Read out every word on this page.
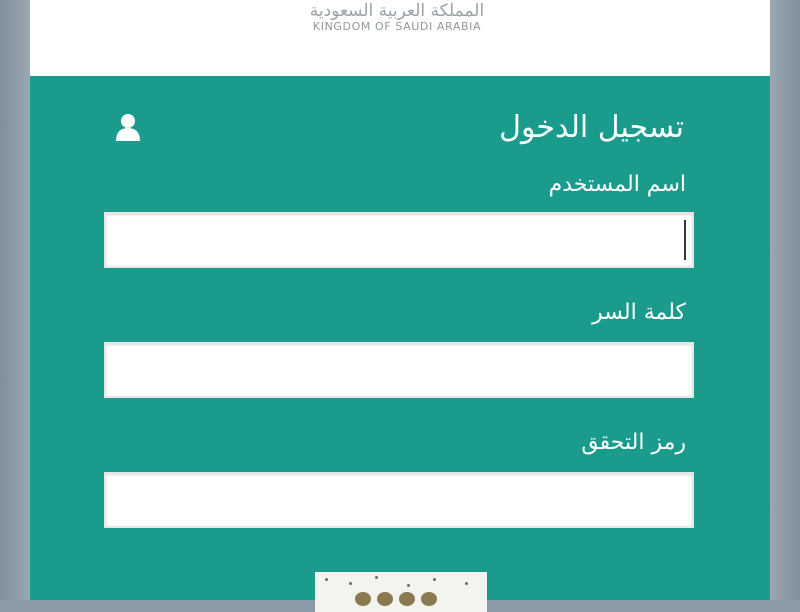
المملكة العربية السعودية
KINGDOM OF SAUDI ARABIA
تسجيل الدخول
اسم المستخدم
كلمة السر
رمز التحقق
